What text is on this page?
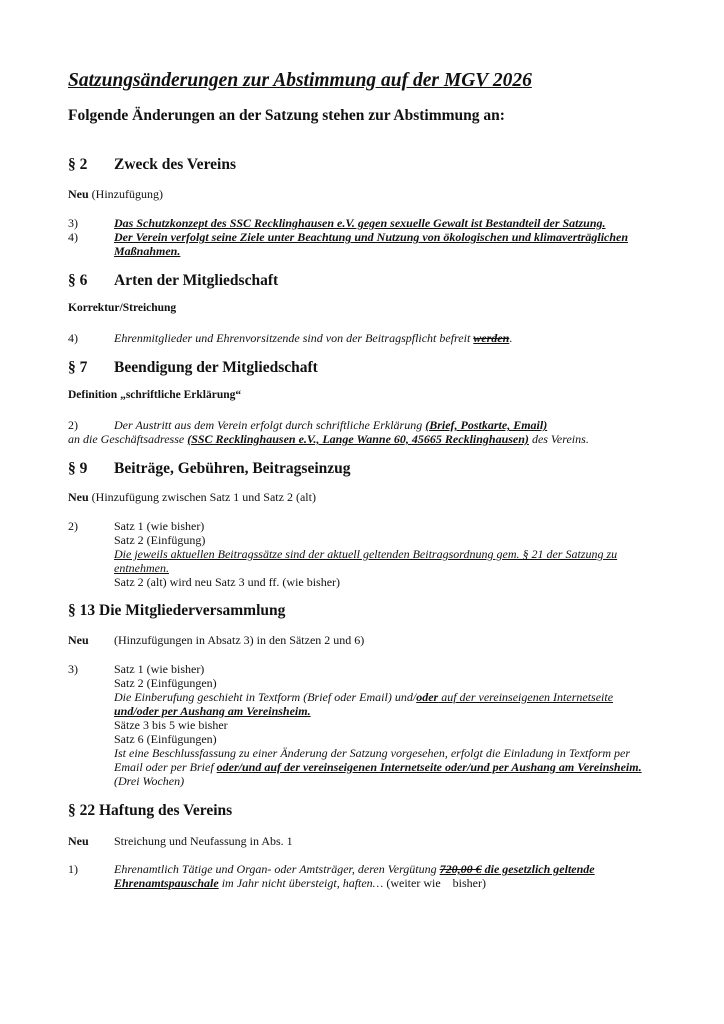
Satzungsänderungen zur Abstimmung auf der MGV 2026
Folgende Änderungen an der Satzung stehen zur Abstimmung an:
§ 2 Zweck des Vereins
Neu (Hinzufügung)
3)	Das Schutzkonzept des SSC Recklinghausen e.V. gegen sexuelle Gewalt ist Bestandteil der Satzung.
4)	Der Verein verfolgt seine Ziele unter Beachtung und Nutzung von ökologischen und klimaverträglichen
Maßnahmen.
§ 6 Arten der Mitgliedschaft
Korrektur/Streichung
4)	Ehrenmitglieder und Ehrenvorsitzende sind von der Beitragspflicht befreit werden.
§ 7 Beendigung der Mitgliedschaft
Definition „schriftliche Erklärung“
2)	Der Austritt aus dem Verein erfolgt durch schriftliche Erklärung (Brief, Postkarte, Email)
an die Geschäftsadresse (SSC Recklinghausen e.V., Lange Wanne 60, 45665 Recklinghausen) des Vereins.
§ 9 Beiträge, Gebühren, Beitragseinzug
Neu (Hinzufügung zwischen Satz 1 und Satz 2 (alt)
2)	Satz 1 (wie bisher)
Satz 2 (Einfügung)
Die jeweils aktuellen Beitragssätze sind der aktuell geltenden Beitragsordnung gem. § 21 der Satzung zu
entnehmen.
Satz 2 (alt) wird neu Satz 3 und ff. (wie bisher)
§ 13 Die Mitgliederversammlung
Neu (Hinzufügungen in Absatz 3) in den Sätzen 2 und 6)
3)	Satz 1 (wie bisher)
Satz 2 (Einfügungen)
Die Einberufung geschieht in Textform (Brief oder Email) und/oder auf der vereinseigenen Internetseite
und/oder per Aushang am Vereinsheim.
Sätze 3 bis 5 wie bisher
Satz 6 (Einfügungen)
Ist eine Beschlussfassung zu einer Änderung der Satzung vorgesehen, erfolgt die Einladung in Textform per
Email oder per Brief oder/und auf der vereinseigenen Internetseite oder/und per Aushang am Vereinsheim.
(Drei Wochen)
§ 22 Haftung des Vereins
Neu Streichung und Neufassung in Abs. 1
1)	Ehrenamtlich Tätige und Organ- oder Amtsträger, deren Vergütung 720,00 € die gesetzlich geltende
Ehrenamtspauschale im Jahr nicht übersteigt, haften… (weiter wie    bisher)
